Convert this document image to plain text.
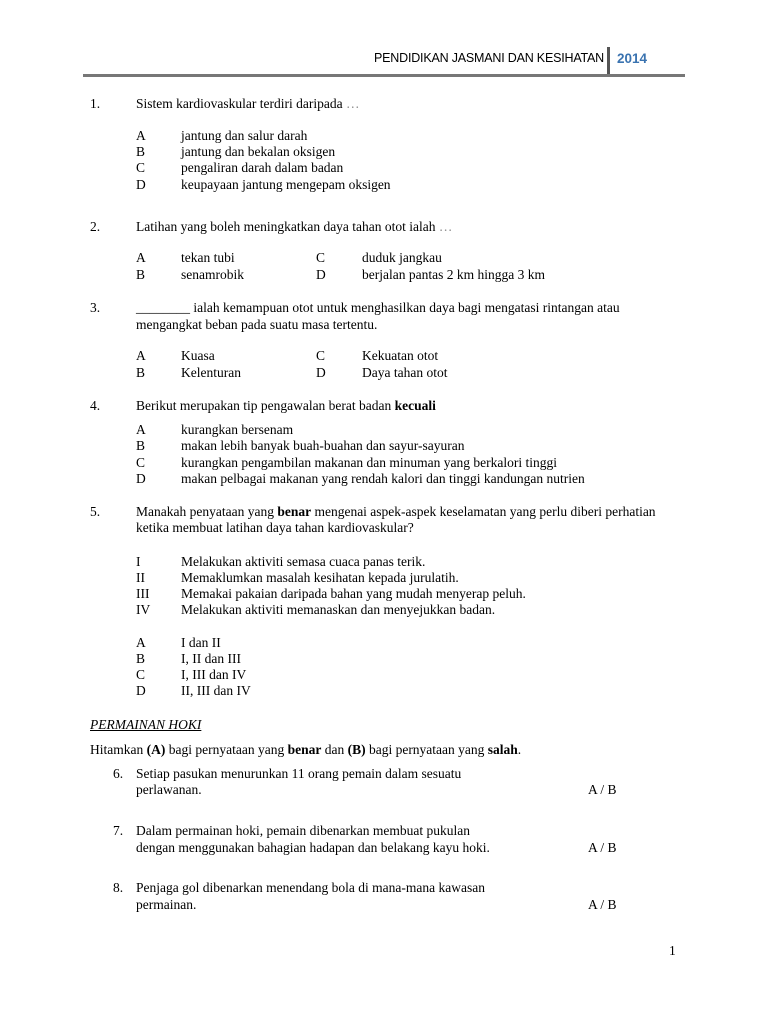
PENDIDIKAN JASMANI DAN KESIHATAN 2014
1.	Sistem kardiovaskular terdiri daripada …
A	jantung dan salur darah
B	jantung dan bekalan oksigen
C	pengaliran darah dalam badan
D	keupayaan jantung mengepam oksigen
2.	Latihan yang boleh meningkatkan daya tahan otot ialah …
A	tekan tubi	C	duduk jangkau
B	senamrobik	D	berjalan pantas 2 km hingga 3 km
3.	________ ialah kemampuan otot untuk menghasilkan daya bagi mengatasi rintangan atau
mengangkat beban pada suatu masa tertentu.
A	Kuasa	C	Kekuatan otot
B	Kelenturan	D	Daya tahan otot
4.	Berikut merupakan tip pengawalan berat badan kecuali
A	kurangkan bersenam
B	makan lebih banyak buah-buahan dan sayur-sayuran
C	kurangkan pengambilan makanan dan minuman yang berkalori tinggi
D	makan pelbagai makanan yang rendah kalori dan tinggi kandungan nutrien
5.	Manakah penyataan yang benar mengenai aspek-aspek keselamatan yang perlu diberi perhatian
ketika membuat latihan daya tahan kardiovaskular?
I	Melakukan aktiviti semasa cuaca panas terik.
II	Memaklumkan masalah kesihatan kepada jurulatih.
III Memakai pakaian daripada bahan yang mudah menyerap peluh.
IV Melakukan aktiviti memanaskan dan menyejukkan badan.
A	I dan II
B	I, II dan III
C	I, III dan IV
D	II, III dan IV
PERMAINAN HOKI
Hitamkan (A) bagi pernyataan yang benar dan (B) bagi pernyataan yang salah.
6. Setiap pasukan menurunkan 11 orang pemain dalam sesuatu
perlawanan.	A / B
7. Dalam permainan hoki, pemain dibenarkan membuat pukulan
dengan menggunakan bahagian hadapan dan belakang kayu hoki.	A / B
8. Penjaga gol dibenarkan menendang bola di mana-mana kawasan
permainan.	A / B
1
